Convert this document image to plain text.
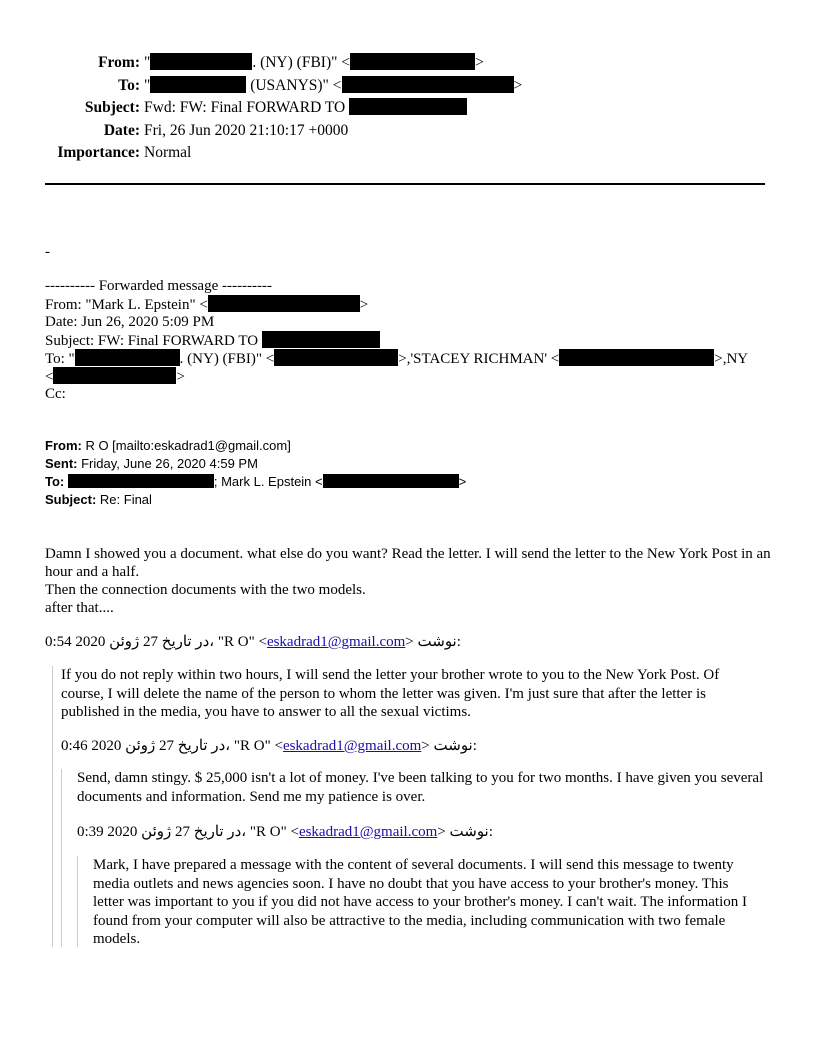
From: "	. (NY) (FBI)" <	>
To: "	(USANYS)" <	>
Subject: Fwd: FW: Final FORWARD TO
Date: Fri, 26 Jun 2020 21:10:17 +0000
Importance: Normal
-
---------- Forwarded message ----------
From: "Mark L. Epstein" <	>
Date: Jun 26, 2020 5:09 PM
Subject: FW: Final FORWARD TO
To: "	. (NY) (FBI)" <	>,'STACEY RICHMAN' <	>,NY
<	>
Cc:
From: R O [mailto:eskadrad1@gmail.com]
Sent: Friday, June 26, 2020 4:59 PM
To:	; Mark L. Epstein <	>
Subject: Re: Final

Damn I showed you a document. what else do you want? Read the letter. I will send the letter to the New York Post in an hour and a half.

Then the connection documents with the two models.

after that....

0:54 2020 در تاریخ 27 ژوئن، "R O" <eskadrad1@gmail.com> نوشت:

If you do not reply within two hours, I will send the letter your brother wrote to you to the New York Post. Of course, I will delete the name of the person to whom the letter was given. I'm just sure that after the letter is published in the media, you have to answer to all the sexual victims.

0:46 2020 در تاریخ 27 ژوئن، "R O" <eskadrad1@gmail.com> نوشت:

Send, damn stingy. $ 25,000 isn't a lot of money. I've been talking to you for two months. I have given you several documents and information. Send me my patience is over.

0:39 2020 در تاریخ 27 ژوئن، "R O" <eskadrad1@gmail.com> نوشت:

Mark, I have prepared a message with the content of several documents. I will send this message to twenty media outlets and news agencies soon. I have no doubt that you have access to your brother's money. This letter was important to you if you did not have access to your brother's money. I can't wait. The information I found from your computer will also be attractive to the media, including communication with two female models.
